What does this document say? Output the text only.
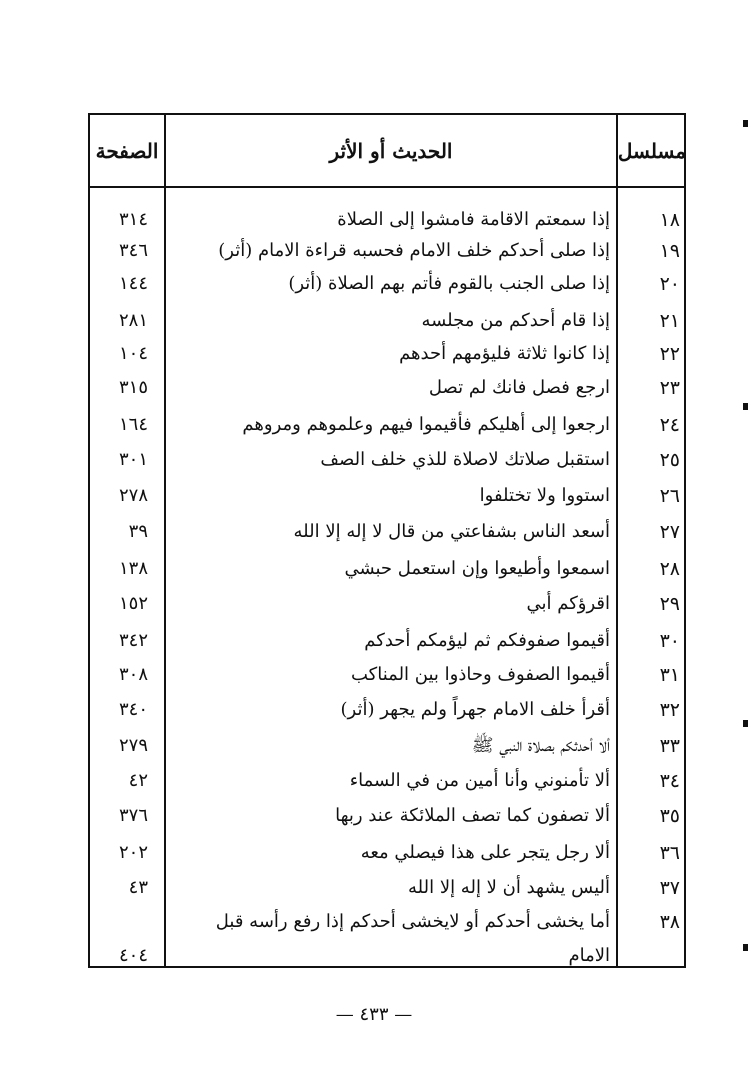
مسلسل
الحديث أو الأثر
الصفحة
١٨
إذا سمعتم الاقامة فامشوا إلى الصلاة
٣١٤
١٩
إذا صلى أحدكم خلف الامام فحسبه قراءة الامام (أثر)
٣٤٦
٢٠
إذا صلى الجنب بالقوم فأتم بهم الصلاة (أثر)
١٤٤
٢١
إذا قام أحدكم من مجلسه
٢٨١
٢٢
إذا كانوا ثلاثة فليؤمهم أحدهم
١٠٤
٢٣
ارجع فصل فانك لم تصل
٣١٥
٢٤
ارجعوا إلى أهليكم فأقيموا فيهم وعلموهم ومروهم
١٦٤
٢٥
استقبل صلاتك لاصلاة للذي خلف الصف
٣٠١
٢٦
استووا ولا تختلفوا
٢٧٨
٢٧
أسعد الناس بشفاعتي من قال لا إله إلا الله
٣٩
٢٨
اسمعوا وأطيعوا وإن استعمل حبشي
١٣٨
٢٩
اقرؤكم أبي
١٥٢
٣٠
أقيموا صفوفكم ثم ليؤمكم أحدكم
٣٤٢
٣١
أقيموا الصفوف وحاذوا بين المناكب
٣٠٨
٣٢
أقرأ خلف الامام جهراً ولم يجهر (أثر)
٣٤٠
٣٣
ألا أحدثكم بصلاة النبي ﷺ
٢٧٩
٣٤
ألا تأمنوني وأنا أمين من في السماء
٤٢
٣٥
ألا تصفون كما تصف الملائكة عند ربها
٣٧٦
٣٦
ألا رجل يتجر على هذا فيصلي معه
٢٠٢
٣٧
أليس يشهد أن لا إله إلا الله
٤٣
٣٨
أما يخشى أحدكم أو لايخشى أحدكم إذا رفع رأسه قبل الامام
٤٠٤
— ٤٣٣ —
